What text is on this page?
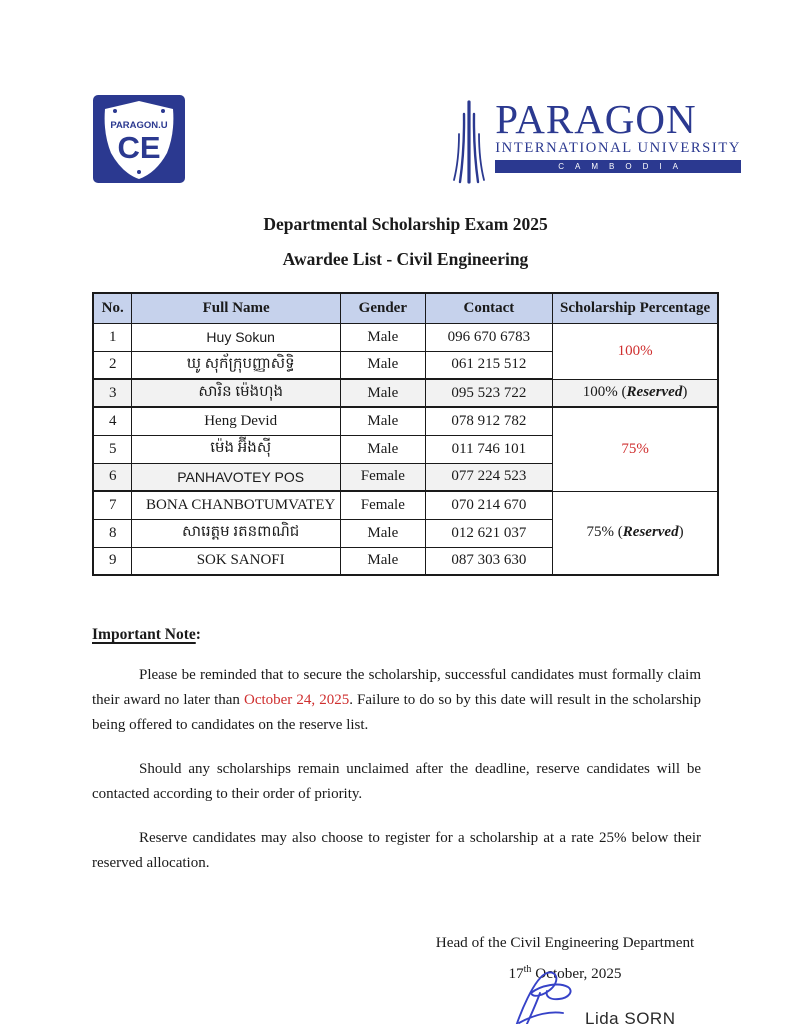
PARAGON.U
CE
PARAGON
INTERNATIONAL UNIVERSITY
CAMBODIA
Departmental Scholarship Exam 2025
Awardee List - Civil Engineering
No.	Full Name	Gender	Contact	Scholarship Percentage
1	Huy Sokun	Male	096 670 6783	100%
2	ឃូ សុក័ក្រុបញ្ញាសិទ្ធិ	Male	061 215 512	
3	សារិន ម៉េងហុង	Male	095 523 722	100% (Reserved)
4	Heng Devid	Male	078 912 782	75%
5	ម៉េង អ៊ីងស៊ី	Male	011 746 101	
6	PANHAVOTEY POS	Female	077 224 523	
7	BONA CHANBOTUMVATEY	Female	070 214 670	75% (Reserved)
8	សារេត្តម រតនពាណិជ	Male	012 621 037	
9	SOK SANOFI	Male	087 303 630	
Important Note:

Please be reminded that to secure the scholarship, successful candidates must formally claim their award no later than October 24, 2025. Failure to do so by this date will result in the scholarship being offered to candidates on the reserve list.

Should any scholarships remain unclaimed after the deadline, reserve candidates will be contacted according to their order of priority.

Reserve candidates may also choose to register for a scholarship at a rate 25% below their reserved allocation.

Head of the Civil Engineering Department
17th October, 2025
Lida SORN
